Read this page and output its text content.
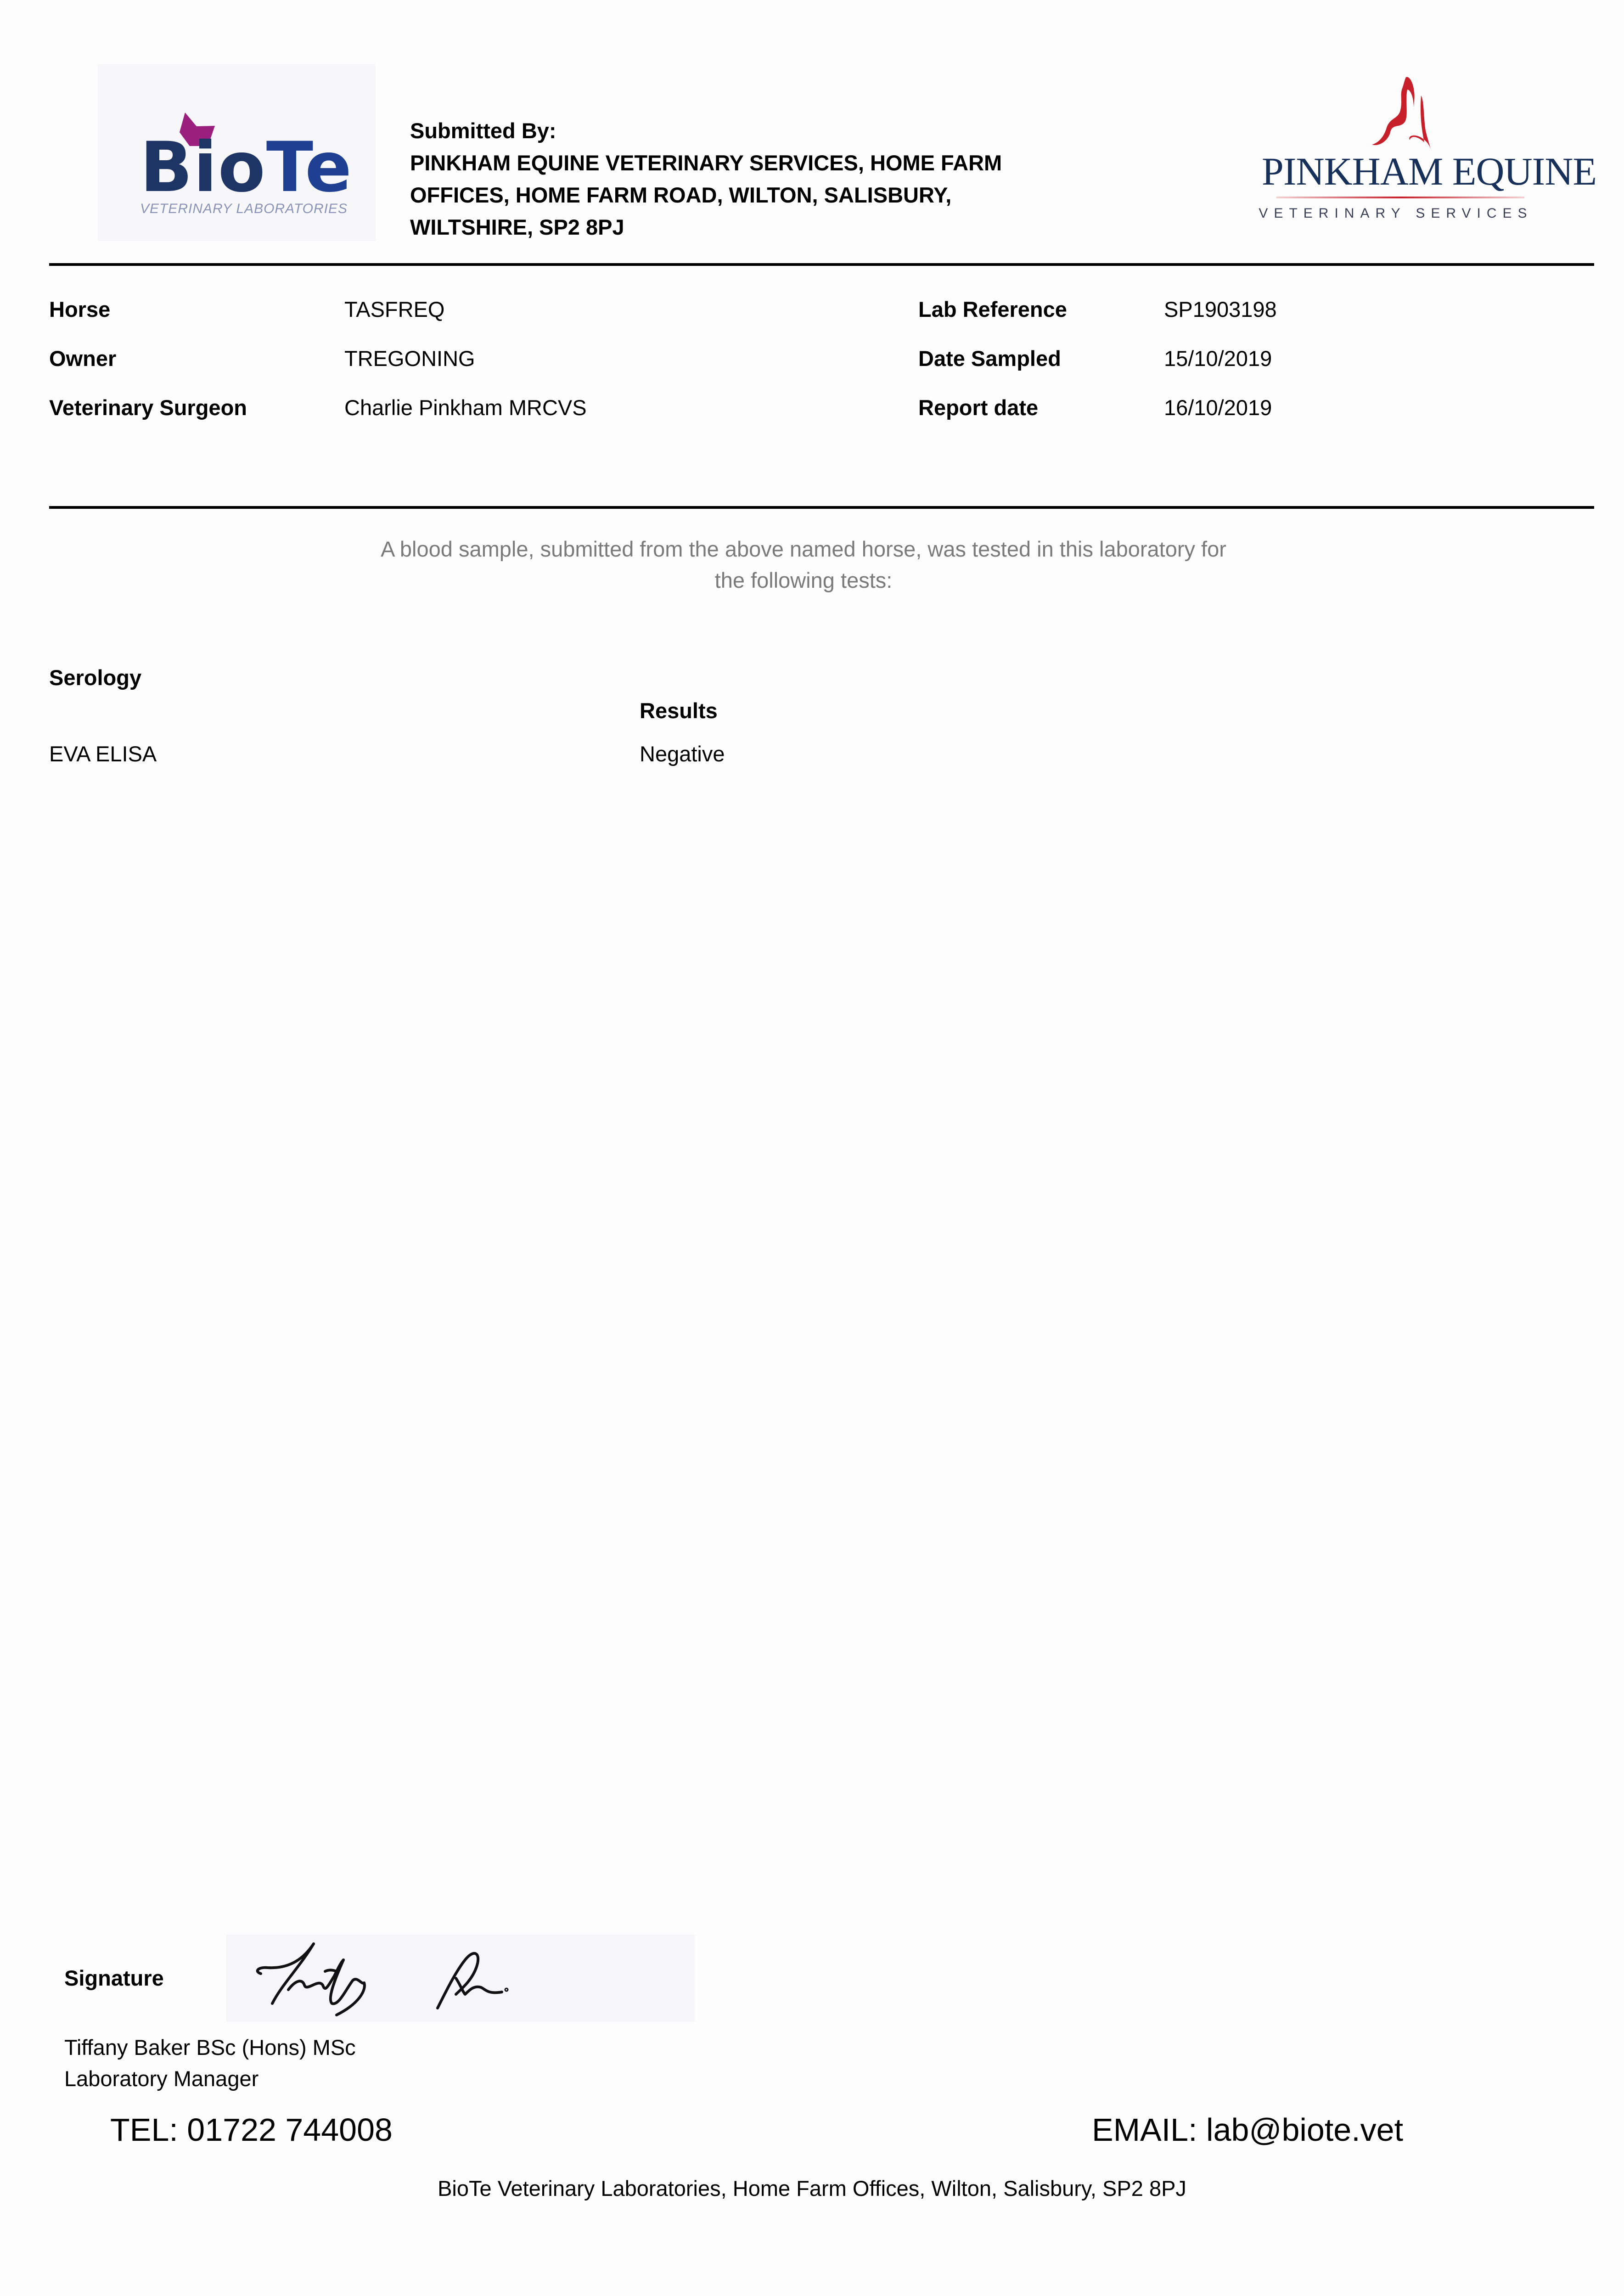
BioTe
VETERINARY LABORATORIES
Submitted By:
PINKHAM EQUINE VETERINARY SERVICES, HOME FARM
OFFICES, HOME FARM ROAD, WILTON, SALISBURY,
WILTSHIRE, SP2 8PJ
PINKHAM EQUINE
VETERINARY SERVICES
Horse	TASFREQ
Owner	TREGONING
Veterinary Surgeon	Charlie Pinkham MRCVS
Lab Reference	SP1903198
Date Sampled	15/10/2019
Report date	16/10/2019
A blood sample, submitted from the above named horse, was tested in this laboratory for
the following tests:
Serology
Results
EVA ELISA	Negative
Signature
Tiffany Baker BSc (Hons) MSc
Laboratory Manager
TEL: 01722 744008	EMAIL: lab@biote.vet
BioTe Veterinary Laboratories, Home Farm Offices, Wilton, Salisbury, SP2 8PJ
